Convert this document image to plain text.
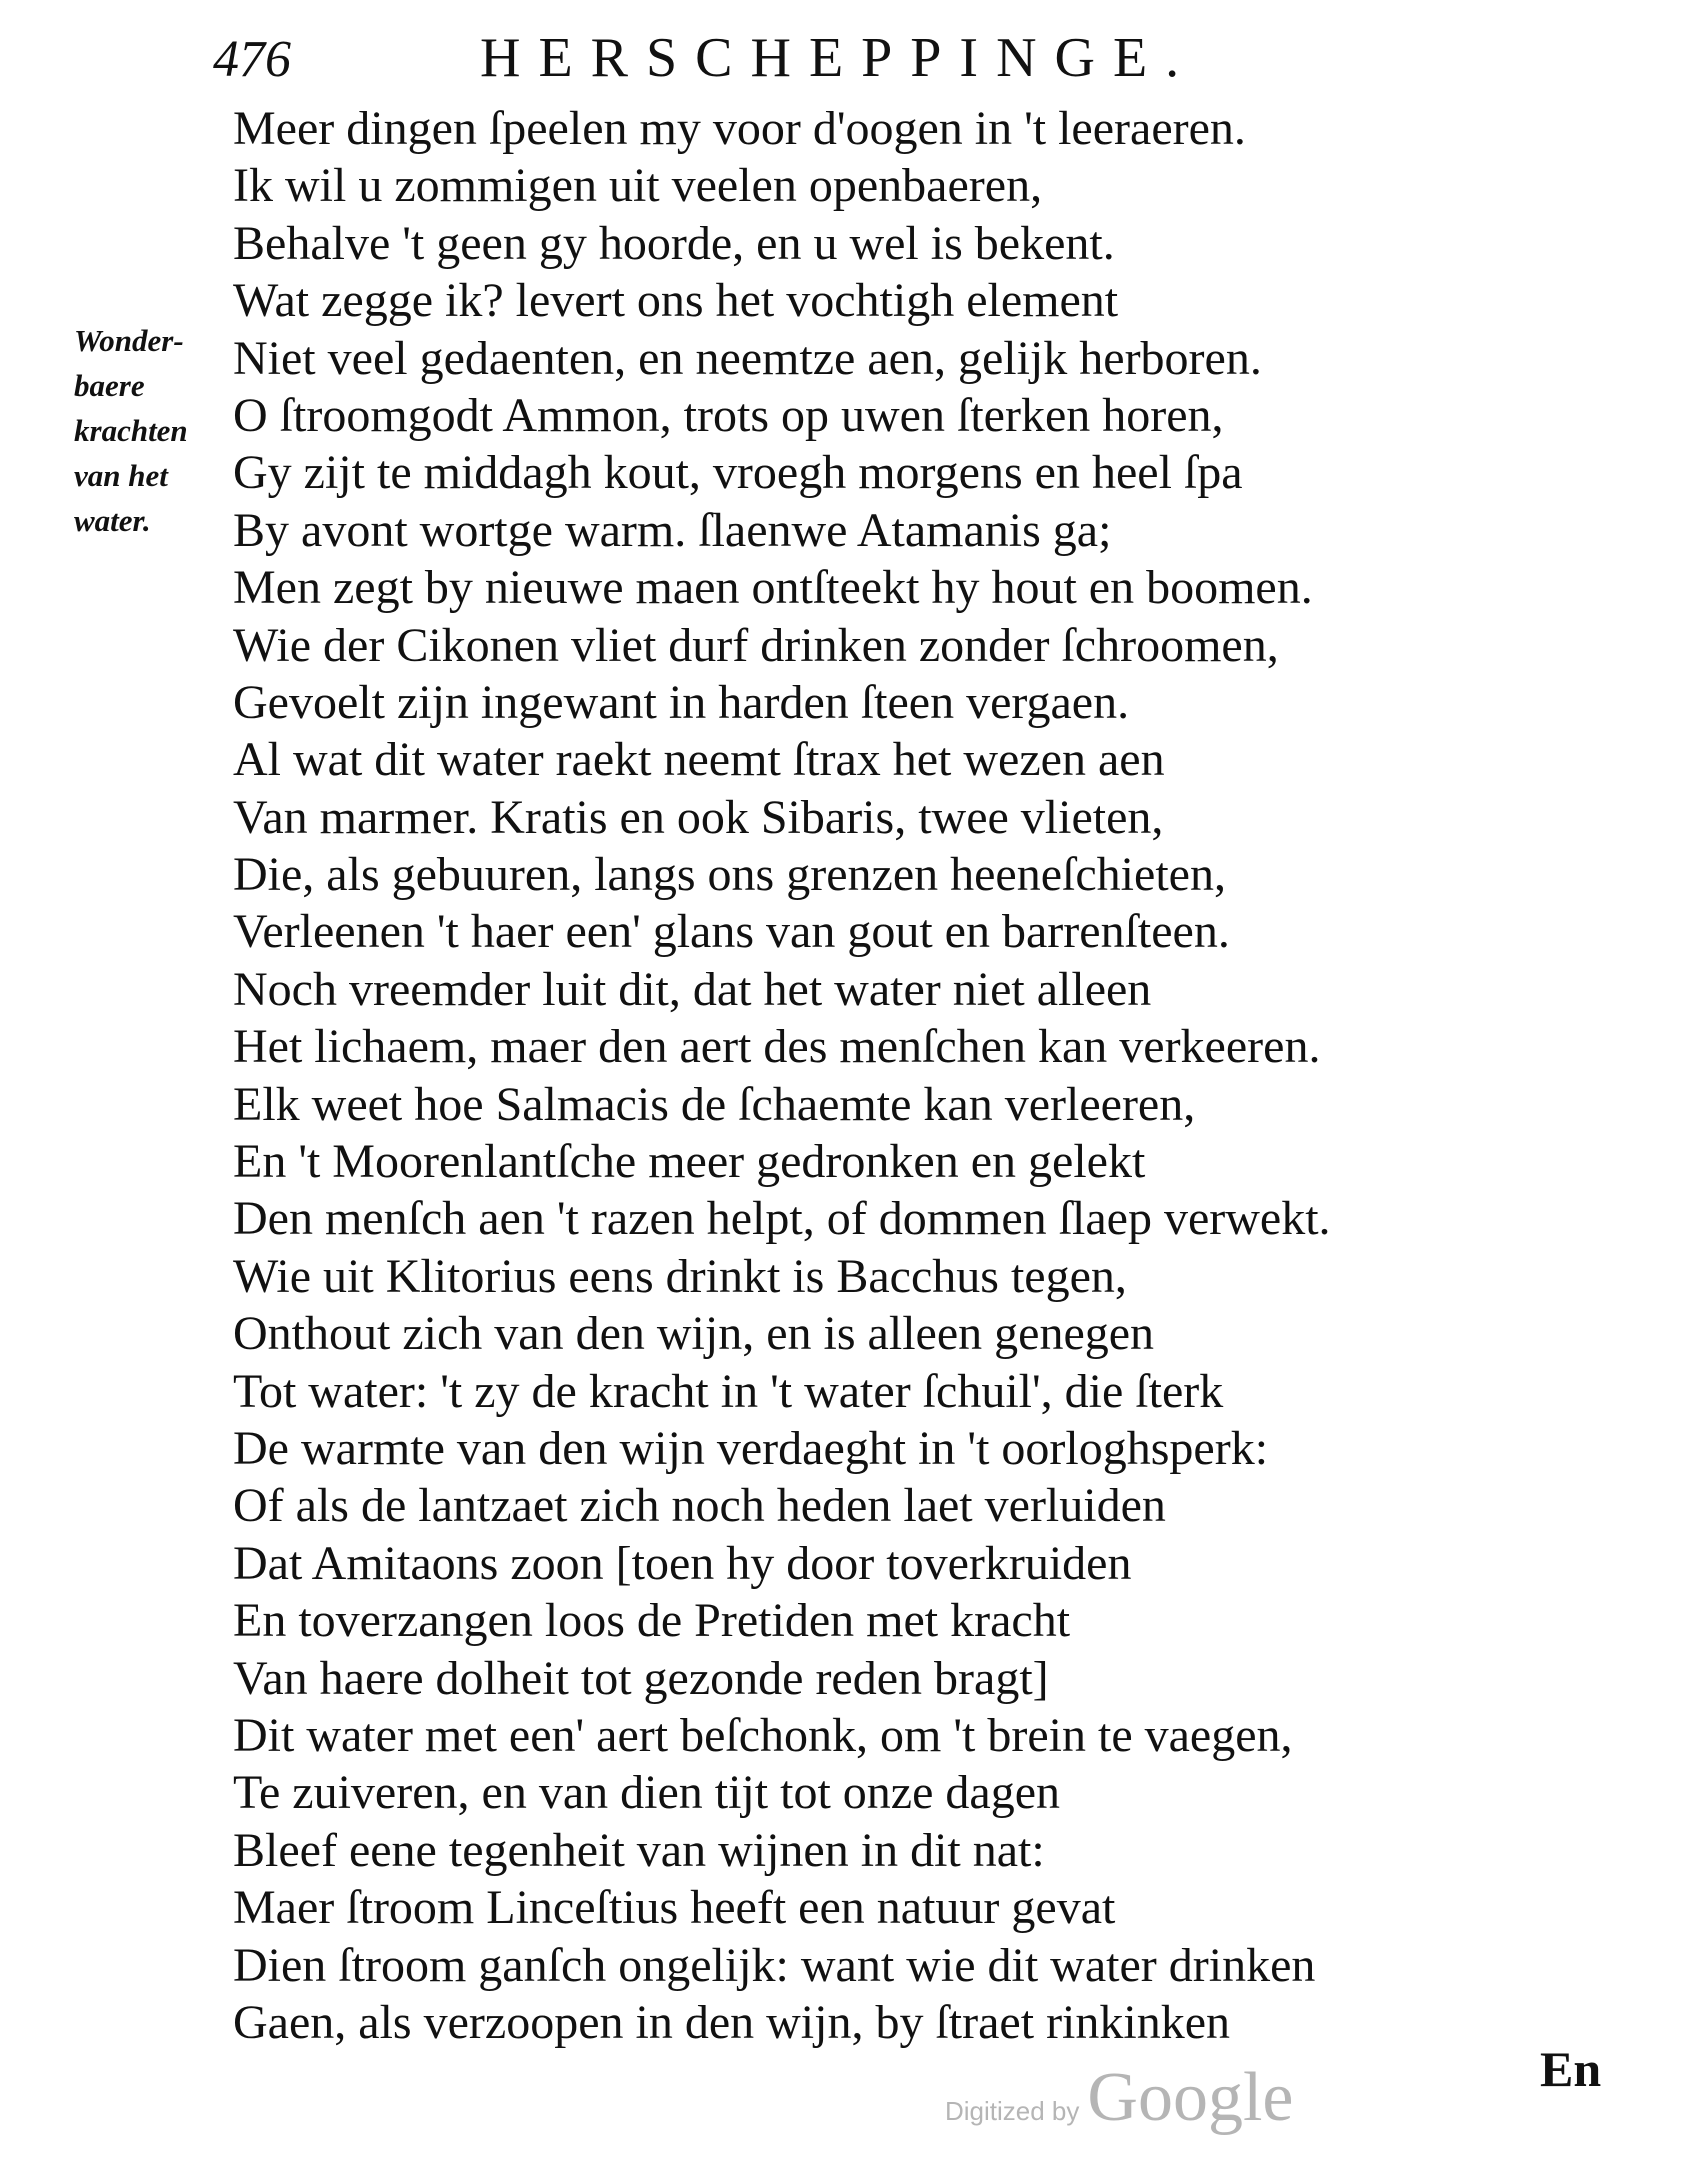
476	HERSCHEPPINGE.
Wonder-
baere
krachten
van het
water.
Meer dingen ſpeelen my voor d'oogen in 't leeraeren.
Ik wil u zommigen uit veelen openbaeren,
Behalve 't geen gy hoorde, en u wel is bekent.
Wat zegge ik? levert ons het vochtigh element
Niet veel gedaenten, en neemtze aen, gelijk herboren.
O ſtroomgodt Ammon, trots op uwen ſterken horen,
Gy zijt te middagh kout, vroegh morgens en heel ſpa
By avont wortge warm. ſlaenwe Atamanis ga;
Men zegt by nieuwe maen ontſteekt hy hout en boomen.
Wie der Cikonen vliet durf drinken zonder ſchroomen,
Gevoelt zijn ingewant in harden ſteen vergaen.
Al wat dit water raekt neemt ſtrax het wezen aen
Van marmer. Kratis en ook Sibaris, twee vlieten,
Die, als gebuuren, langs ons grenzen heeneſchieten,
Verleenen 't haer een' glans van gout en barrenſteen.
Noch vreemder luit dit, dat het water niet alleen
Het lichaem, maer den aert des menſchen kan verkeeren.
Elk weet hoe Salmacis de ſchaemte kan verleeren,
En 't Moorenlantſche meer gedronken en gelekt
Den menſch aen 't razen helpt, of dommen ſlaep verwekt.
Wie uit Klitorius eens drinkt is Bacchus tegen,
Onthout zich van den wijn, en is alleen genegen
Tot water: 't zy de kracht in 't water ſchuil', die ſterk
De warmte van den wijn verdaeght in 't oorloghsperk:
Of als de lantzaet zich noch heden laet verluiden
Dat Amitaons zoon [toen hy door toverkruiden
En toverzangen loos de Pretiden met kracht
Van haere dolheit tot gezonde reden bragt]
Dit water met een' aert beſchonk, om 't brein te vaegen,
Te zuiveren, en van dien tijt tot onze dagen
Bleef eene tegenheit van wijnen in dit nat:
Maer ſtroom Linceſtius heeft een natuur gevat
Dien ſtroom ganſch ongelijk: want wie dit water drinken
Gaen, als verzoopen in den wijn, by ſtraet rinkinken
Digitized by Google	En
